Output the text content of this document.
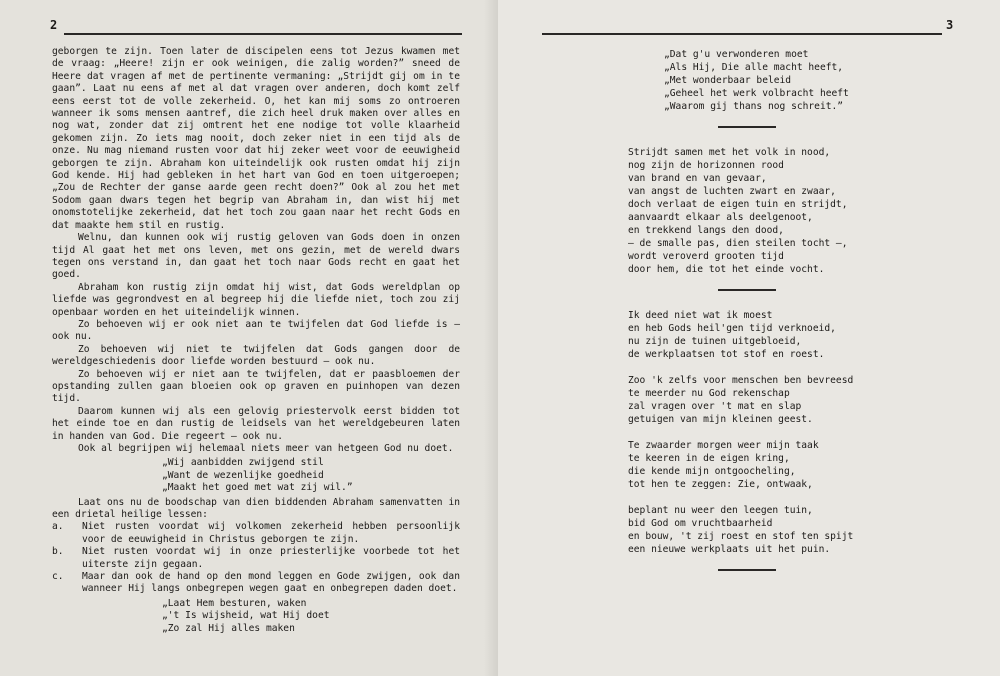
2

geborgen te zijn. Toen later de discipelen eens tot Jezus kwamen met de vraag: „Heere! zijn er ook weinigen, die zalig worden?” sneed de Heere dat vragen af met de pertinente vermaning: „Strijdt gij om in te gaan”. Laat nu eens af met al dat vragen over anderen, doch komt zelf eens eerst tot de volle zekerheid. O, het kan mij soms zo ontroeren wanneer ik soms mensen aantref, die zich heel druk maken over alles en nog wat, zonder dat zij omtrent het ene nodige tot volle klaarheid gekomen zijn. Zo iets mag nooit, doch zeker niet in een tijd als de onze. Nu mag niemand rusten voor dat hij zeker weet voor de eeuwigheid geborgen te zijn. Abraham kon uiteindelijk ook rusten omdat hij zijn God kende. Hij had gebleken in het hart van God en toen uitgeroepen; „Zou de Rechter der ganse aarde geen recht doen?” Ook al zou het met Sodom gaan dwars tegen het begrip van Abraham in, dan wist hij met onomstotelijke zekerheid, dat het toch zou gaan naar het recht Gods en dat maakte hem stil en rustig.

Welnu, dan kunnen ook wij rustig geloven van Gods doen in onzen tijd Al gaat het met ons leven, met ons gezin, met de wereld dwars tegen ons verstand in, dan gaat het toch naar Gods recht en gaat het goed.

Abraham kon rustig zijn omdat hij wist, dat Gods wereldplan op liefde was gegrondvest en al begreep hij die liefde niet, toch zou zij openbaar worden en het uiteindelijk winnen.

Zo behoeven wij er ook niet aan te twijfelen dat God liefde is — ook nu.

Zo behoeven wij niet te twijfelen dat Gods gangen door de wereldgeschiedenis door liefde worden bestuurd — ook nu.

Zo behoeven wij er niet aan te twijfelen, dat er paasbloemen der opstanding zullen gaan bloeien ook op graven en puinhopen van dezen tijd.

Daarom kunnen wij als een gelovig priestervolk eerst bidden tot het einde toe en dan rustig de leidsels van het wereldgebeuren laten in handen van God. Die regeert — ook nu.

Ook al begrijpen wij helemaal niets meer van hetgeen God nu doet.

„Wij aanbidden zwijgend stil
„Want de wezenlijke goedheid
„Maakt het goed met wat zij wil.”

Laat ons nu de boodschap van dien biddenden Abraham samenvatten in een drietal heilige lessen:

a.	Niet rusten voordat wij volkomen zekerheid hebben persoonlijk voor de eeuwigheid in Christus geborgen te zijn.
b.	Niet rusten voordat wij in onze priesterlijke voorbede tot het uiterste zijn gegaan.
c.	Maar dan ook de hand op den mond leggen en Gode zwijgen, ook dan wanneer Hij langs onbegrepen wegen gaat en onbegrepen daden doet.
„Laat Hem besturen, waken
„'t Is wijsheid, wat Hij doet
„Zo zal Hij alles maken
3
„Dat g'u verwonderen moet
„Als Hij, Die alle macht heeft,
„Met wonderbaar beleid
„Geheel het werk volbracht heeft
„Waarom gij thans nog schreit.”
Strijdt samen met het volk in nood,
nog zijn de horizonnen rood
van brand en van gevaar,
van angst de luchten zwart en zwaar,
doch verlaat de eigen tuin en strijdt,
aanvaardt elkaar als deelgenoot,
en trekkend langs den dood,
— de smalle pas, dien steilen tocht —,
wordt veroverd grooten tijd
door hem, die tot het einde vocht.
Ik deed niet wat ik moest
en heb Gods heil'gen tijd verknoeid,
nu zijn de tuinen uitgebloeid,
de werkplaatsen tot stof en roest.
Zoo 'k zelfs voor menschen ben bevreesd
te meerder nu God rekenschap
zal vragen over 't mat en slap
getuigen van mijn kleinen geest.
Te zwaarder morgen weer mijn taak
te keeren in de eigen kring,
die kende mijn ontgoocheling,
tot hen te zeggen: Zie, ontwaak,
beplant nu weer den leegen tuin,
bid God om vruchtbaarheid
en bouw, 't zij roest en stof ten spijt
een nieuwe werkplaats uit het puin.
